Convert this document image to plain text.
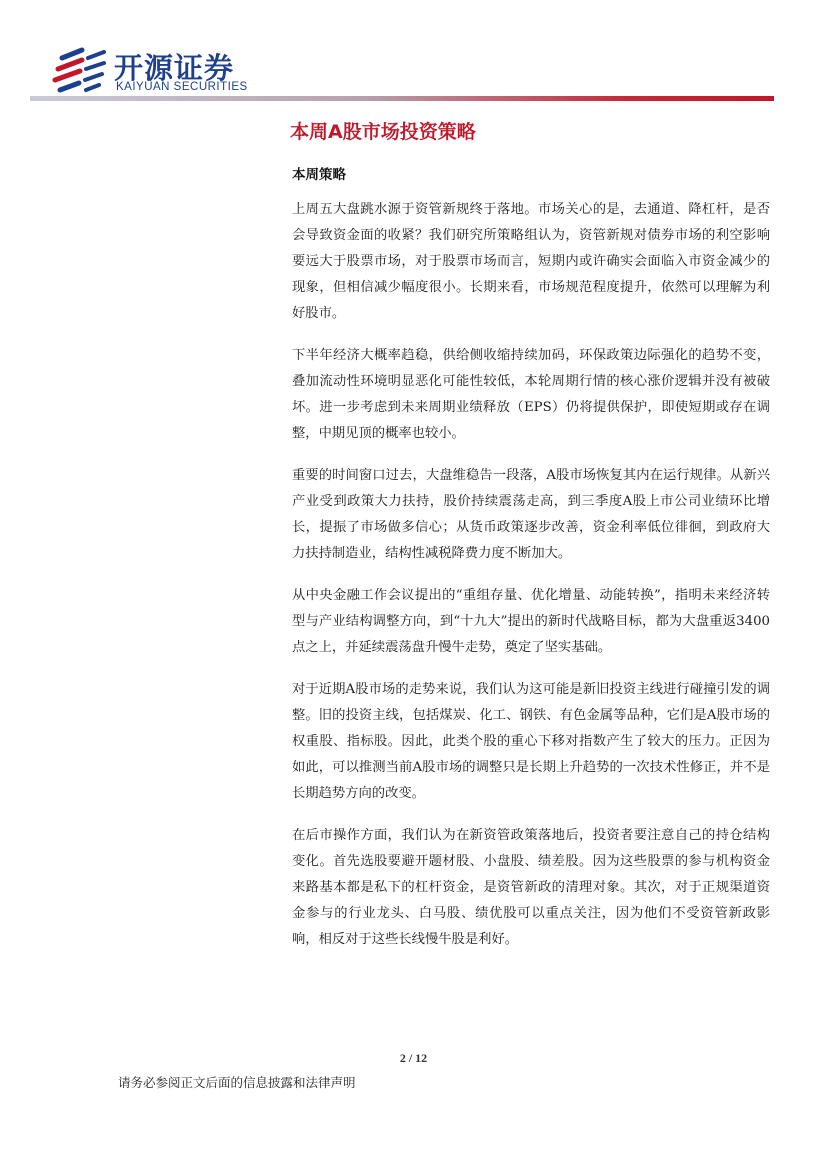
开源证券
KAIYUAN SECURITIES
本周A股市场投资策略
本周策略

上周五大盘跳水源于资管新规终于落地。市场关心的是，去通道、降杠杆，是否会导致资金面的收紧？我们研究所策略组认为，资管新规对债券市场的利空影响要远大于股票市场，对于股票市场而言，短期内或许确实会面临入市资金减少的现象，但相信减少幅度很小。长期来看，市场规范程度提升，依然可以理解为利好股市。

下半年经济大概率趋稳，供给侧收缩持续加码，环保政策边际强化的趋势不变，叠加流动性环境明显恶化可能性较低，本轮周期行情的核心涨价逻辑并没有被破坏。进一步考虑到未来周期业绩释放（EPS）仍将提供保护，即使短期或存在调整，中期见顶的概率也较小。

重要的时间窗口过去，大盘维稳告一段落，A股市场恢复其内在运行规律。从新兴产业受到政策大力扶持，股价持续震荡走高，到三季度A股上市公司业绩环比增长，提振了市场做多信心；从货币政策逐步改善，资金利率低位徘徊，到政府大力扶持制造业，结构性减税降费力度不断加大。

从中央金融工作会议提出的“重组存量、优化增量、动能转换”，指明未来经济转型与产业结构调整方向，到“十九大”提出的新时代战略目标，都为大盘重返3400点之上，并延续震荡盘升慢牛走势，奠定了坚实基础。

对于近期A股市场的走势来说，我们认为这可能是新旧投资主线进行碰撞引发的调整。旧的投资主线，包括煤炭、化工、钢铁、有色金属等品种，它们是A股市场的权重股、指标股。因此，此类个股的重心下移对指数产生了较大的压力。正因为如此，可以推测当前A股市场的调整只是长期上升趋势的一次技术性修正，并不是长期趋势方向的改变。

在后市操作方面，我们认为在新资管政策落地后，投资者要注意自己的持仓结构变化。首先选股要避开题材股、小盘股、绩差股。因为这些股票的参与机构资金来路基本都是私下的杠杆资金，是资管新政的清理对象。其次，对于正规渠道资金参与的行业龙头、白马股、绩优股可以重点关注，因为他们不受资管新政影响，相反对于这些长线慢牛股是利好。

2 / 12
请务必参阅正文后面的信息披露和法律声明
